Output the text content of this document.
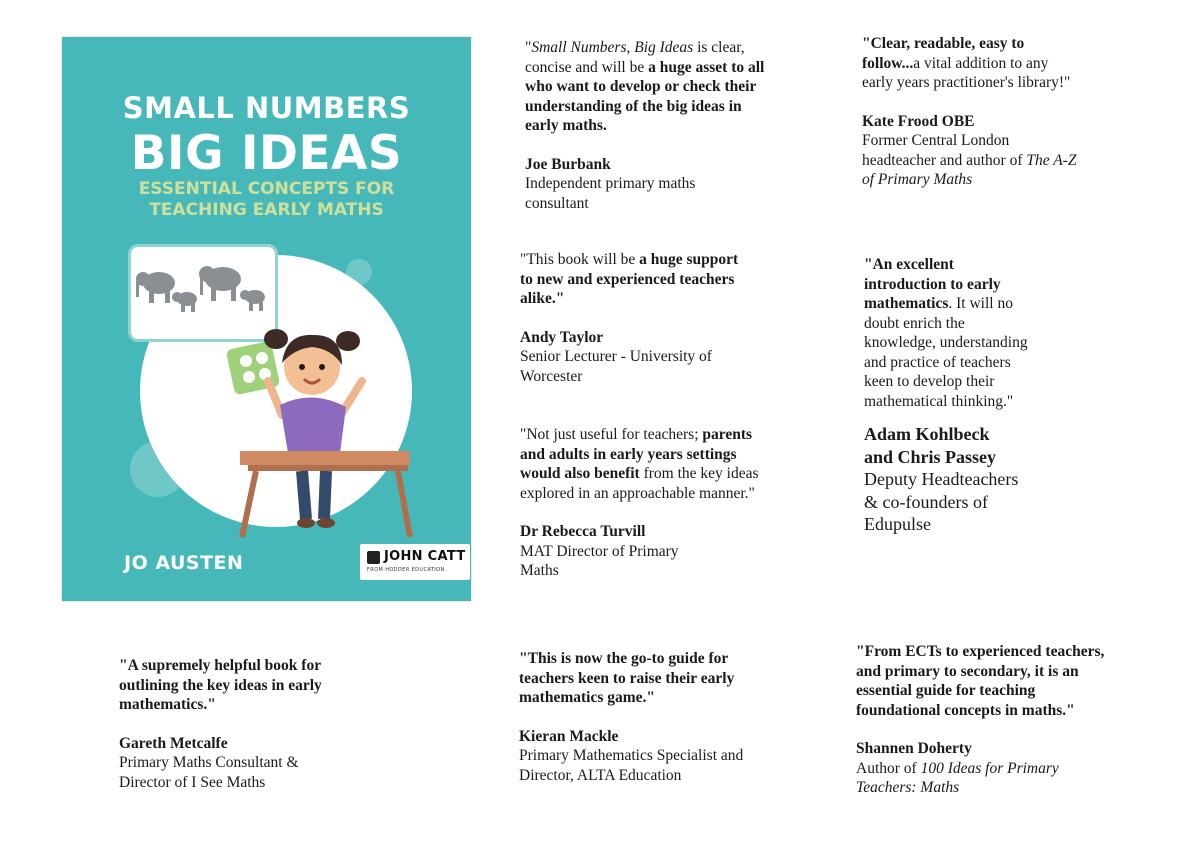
SMALL NUMBERS
BIG IDEAS
ESSENTIAL CONCEPTS FOR
TEACHING EARLY MATHS
JO AUSTEN	JOHN CATT
FROM HODDER EDUCATION

"Small Numbers, Big Ideas is clear, concise and will be a huge asset to all who want to develop or check their understanding of the big ideas in early maths.

Joe Burbank

Independent primary maths consultant

"This book will be a huge support to new and experienced teachers alike."

Andy Taylor

Senior Lecturer - University of Worcester

"Not just useful for teachers; parents and adults in early years settings would also benefit from the key ideas explored in an approachable manner."

Dr Rebecca Turvill

MAT Director of Primary Maths

"Clear, readable, easy to follow...a vital addition to any early years practitioner's library!"

Kate Frood OBE

Former Central London headteacher and author of The A-Z of Primary Maths

"An excellent introduction to early mathematics. It will no doubt enrich the knowledge, understanding and practice of teachers keen to develop their mathematical thinking."

Adam Kohlbeck and Chris Passey

Deputy Headteachers & co-founders of Edupulse

"A supremely helpful book for outlining the key ideas in early mathematics."

Gareth Metcalfe

Primary Maths Consultant & Director of I See Maths

"This is now the go-to guide for teachers keen to raise their early mathematics game."

Kieran Mackle

Primary Mathematics Specialist and Director, ALTA Education

"From ECTs to experienced teachers, and primary to secondary, it is an essential guide for teaching foundational concepts in maths."

Shannen Doherty

Author of 100 Ideas for Primary Teachers: Maths
